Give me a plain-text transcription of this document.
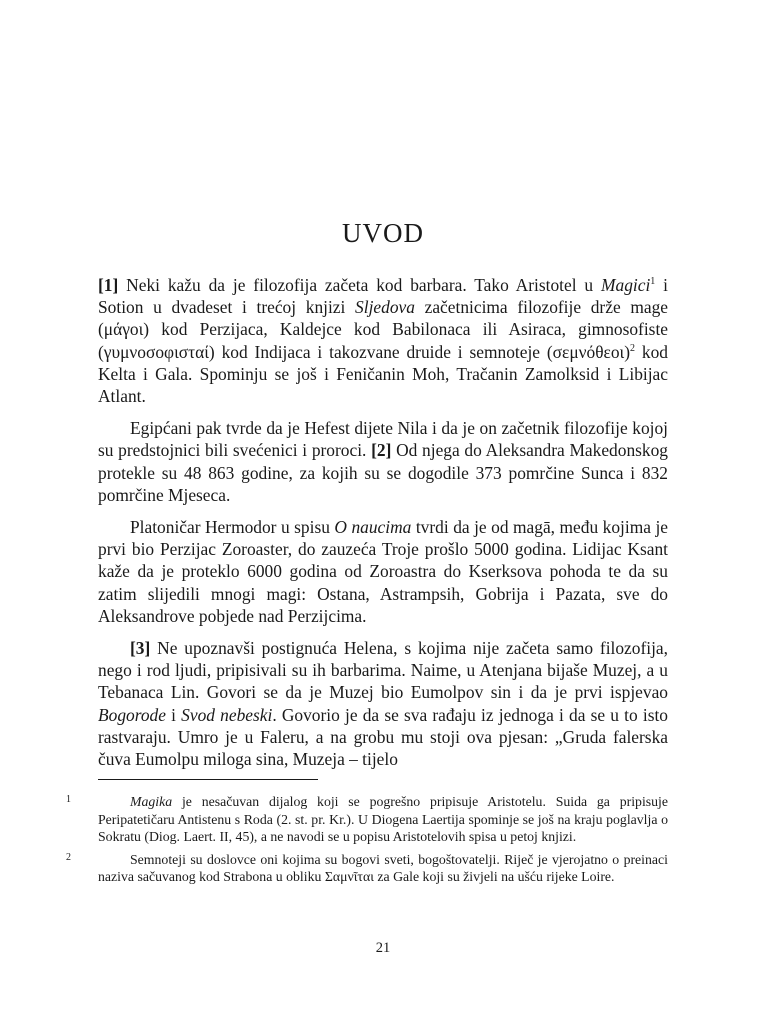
UVOD

[1] Neki kažu da je filozofija začeta kod barbara. Tako Aristotel u Magici$^1$ i Sotion u dvadeset i trećoj knjizi Sljedova začetnicima filozofije drže mage (μάγοι) kod Perzijaca, Kaldejce kod Babilonaca ili Asiraca, gimnosofiste (γυμνοσοφισταί) kod Indijaca i takozvane druide i semnoteje $(\sigma\varepsilon\mu\nu ό\theta\varepsilon o\iota)^2$ kod Kelta i Gala. Spominju se još i Feničanin Moh, Tračanin Zamolksid i Libijac Atlant.

Egipćani pak tvrde da je Hefest dijete Nila i da je on začetnik filozofije kojoj su predstojnici bili svećenici i proroci. [2] Od njega do Aleksandra Makedonskog protekle su 48 863 godine, za kojih su se dogodile 373 pomrčine Sunca i 832 pomrčine Mjeseca.

Platoničar Hermodor u spisu O naucima tvrdi da je od magā, među kojima je prvi bio Perzijac Zoroaster, do zauzeća Troje prošlo 5000 godina. Lidijac Ksant kaže da je proteklo 6000 godina od Zoroastra do Kserksova pohoda te da su zatim slijedili mnogi magi: Ostana, Astrampsih, Gobrija i Pazata, sve do Aleksandrove pobjede nad Perzijcima.

[3] Ne upoznavši postignuća Helena, s kojima nije začeta samo filozofija, nego i rod ljudi, pripisivali su ih barbarima. Naime, u Atenjana bijaše Muzej, a u Tebanaca Lin. Govori se da je Muzej bio Eumolpov sin i da je prvi ispjevao Bogorode i Svod nebeski. Govorio je da se sva rađaju iz jednoga i da se u to isto rastvaraju. Umro je u Faleru, a na grobu mu stoji ova pjesan: „Gruda falerska čuva Eumolpu miloga sina, Muzeja – tijelo

1	Magika je nesačuvan dijalog koji se pogrešno pripisuje Aristotelu. Suida ga pripisuje Peripatetičaru Antistenu s Roda (2. st. pr. Kr.). U Diogena Laertija spominje se još na kraju poglavlja o Sokratu (Diog. Laert. II, 45), a ne navodi se u popisu Aristotelovih spisa u petoj knjizi.

2	Semnoteji su doslovce oni kojima su bogovi sveti, bogoštovatelji. Riječ je vjerojatno o preinaci naziva sačuvanog kod Strabona u obliku Σαμνῖται za Gale koji su živjeli na ušću rijeke Loire.

21
